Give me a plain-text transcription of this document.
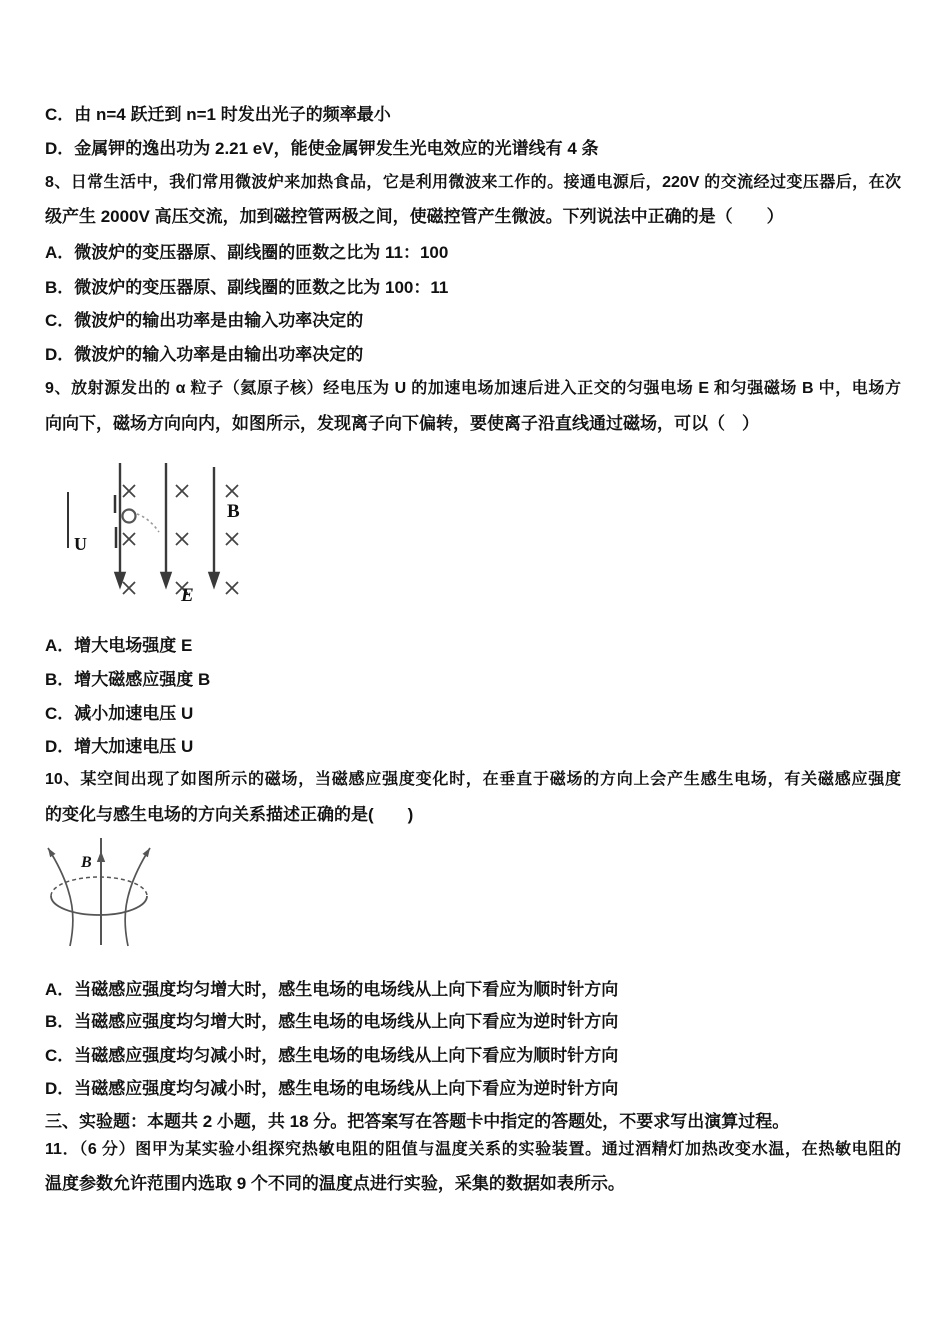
C．由 n=4 跃迁到 n=1 时发出光子的频率最小
D．金属钾的逸出功为 2.21 eV，能使金属钾发生光电效应的光谱线有 4 条
8、日常生活中，我们常用微波炉来加热食品，它是利用微波来工作的。接通电源后，220V 的交流经过变压器后，在次
级产生 2000V 高压交流，加到磁控管两极之间，使磁控管产生微波。下列说法中正确的是（　　）
A．微波炉的变压器原、副线圈的匝数之比为 11：100
B．微波炉的变压器原、副线圈的匝数之比为 100：11
C．微波炉的输出功率是由输入功率决定的
D．微波炉的输入功率是由输出功率决定的
9、放射源发出的 α 粒子（氦原子核）经电压为 U 的加速电场加速后进入正交的匀强电场 E 和匀强磁场 B 中，电场方
向向下，磁场方向向内，如图所示，发现离子向下偏转，要使离子沿直线通过磁场，可以（　）
U
B
E
A．增大电场强度 E
B．增大磁感应强度 B
C．减小加速电压 U
D．增大加速电压 U
10、某空间出现了如图所示的磁场，当磁感应强度变化时，在垂直于磁场的方向上会产生感生电场，有关磁感应强度
的变化与感生电场的方向关系描述正确的是(　　)
B
A．当磁感应强度均匀增大时，感生电场的电场线从上向下看应为顺时针方向
B．当磁感应强度均匀增大时，感生电场的电场线从上向下看应为逆时针方向
C．当磁感应强度均匀减小时，感生电场的电场线从上向下看应为顺时针方向
D．当磁感应强度均匀减小时，感生电场的电场线从上向下看应为逆时针方向
三、实验题：本题共 2 小题，共 18 分。把答案写在答题卡中指定的答题处，不要求写出演算过程。
11．（6 分）图甲为某实验小组探究热敏电阻的阻值与温度关系的实验装置。通过酒精灯加热改变水温，在热敏电阻的
温度参数允许范围内选取 9 个不同的温度点进行实验，采集的数据如表所示。
